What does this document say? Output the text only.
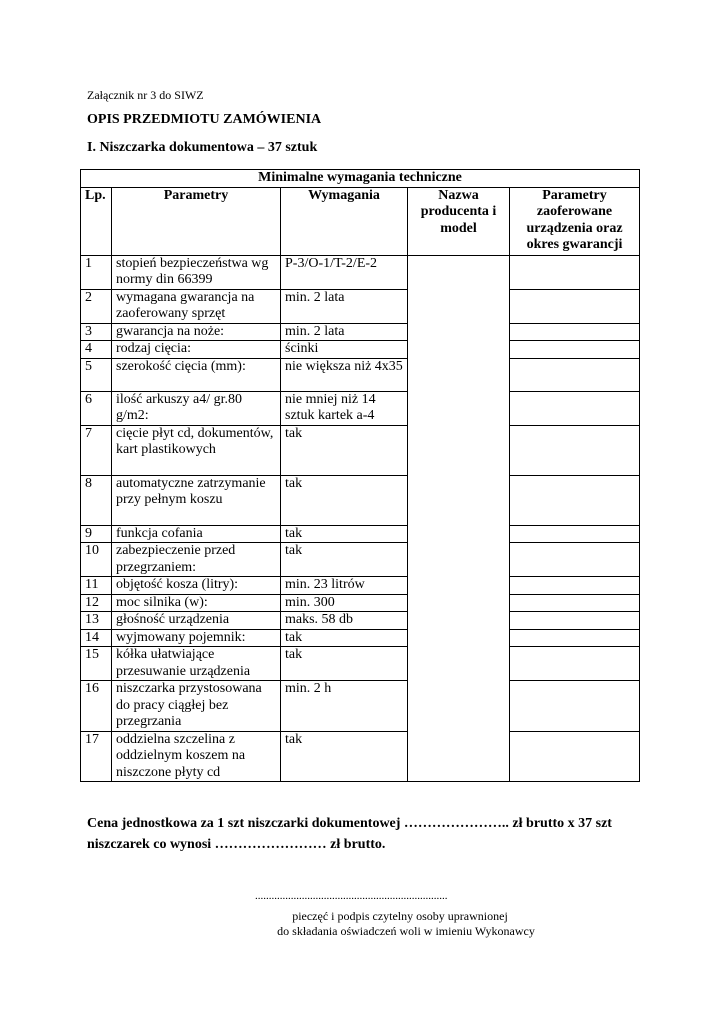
Załącznik nr 3 do SIWZ
OPIS PRZEDMIOTU ZAMÓWIENIA
I. Niszczarka dokumentowa – 37 sztuk
Minimalne wymagania techniczne				
Lp.	Parametry	Wymagania	Nazwa producenta i model	Parametry zaoferowane urządzenia oraz okres gwarancji
1	stopień bezpieczeństwa wg normy din 66399	P-3/O-1/T-2/E-2		
2	wymagana gwarancja na zaoferowany sprzęt	min. 2 lata		
3	gwarancja na noże:	min. 2 lata		
4	rodzaj cięcia:	ścinki		
5	szerokość cięcia (mm):	nie większa niż 4x35		
6	ilość arkuszy a4/ gr.80 g/m2:	nie mniej niż 14 sztuk kartek a-4		
7	cięcie płyt cd, dokumentów, kart plastikowych	tak		
8	automatyczne zatrzymanie przy pełnym koszu	tak		
9	funkcja cofania	tak		
10	zabezpieczenie przed przegrzaniem:	tak		
11	objętość kosza (litry):	min. 23 litrów		
12	moc silnika (w):	min. 300		
13	głośność urządzenia	maks. 58 db		
14	wyjmowany pojemnik:	tak		
15	kółka ułatwiające przesuwanie urządzenia	tak		
16	niszczarka przystosowana do pracy ciągłej bez przegrzania	min. 2 h		
17	oddzielna szczelina z oddzielnym koszem na niszczone płyty cd	tak		
Cena jednostkowa za 1 szt niszczarki dokumentowej ………………….. zł brutto x 37 szt
niszczarek co wynosi …………………… zł brutto.
......................................................................
pieczęć i podpis czytelny osoby uprawnionej
do składania oświadczeń woli w imieniu Wykonawcy
